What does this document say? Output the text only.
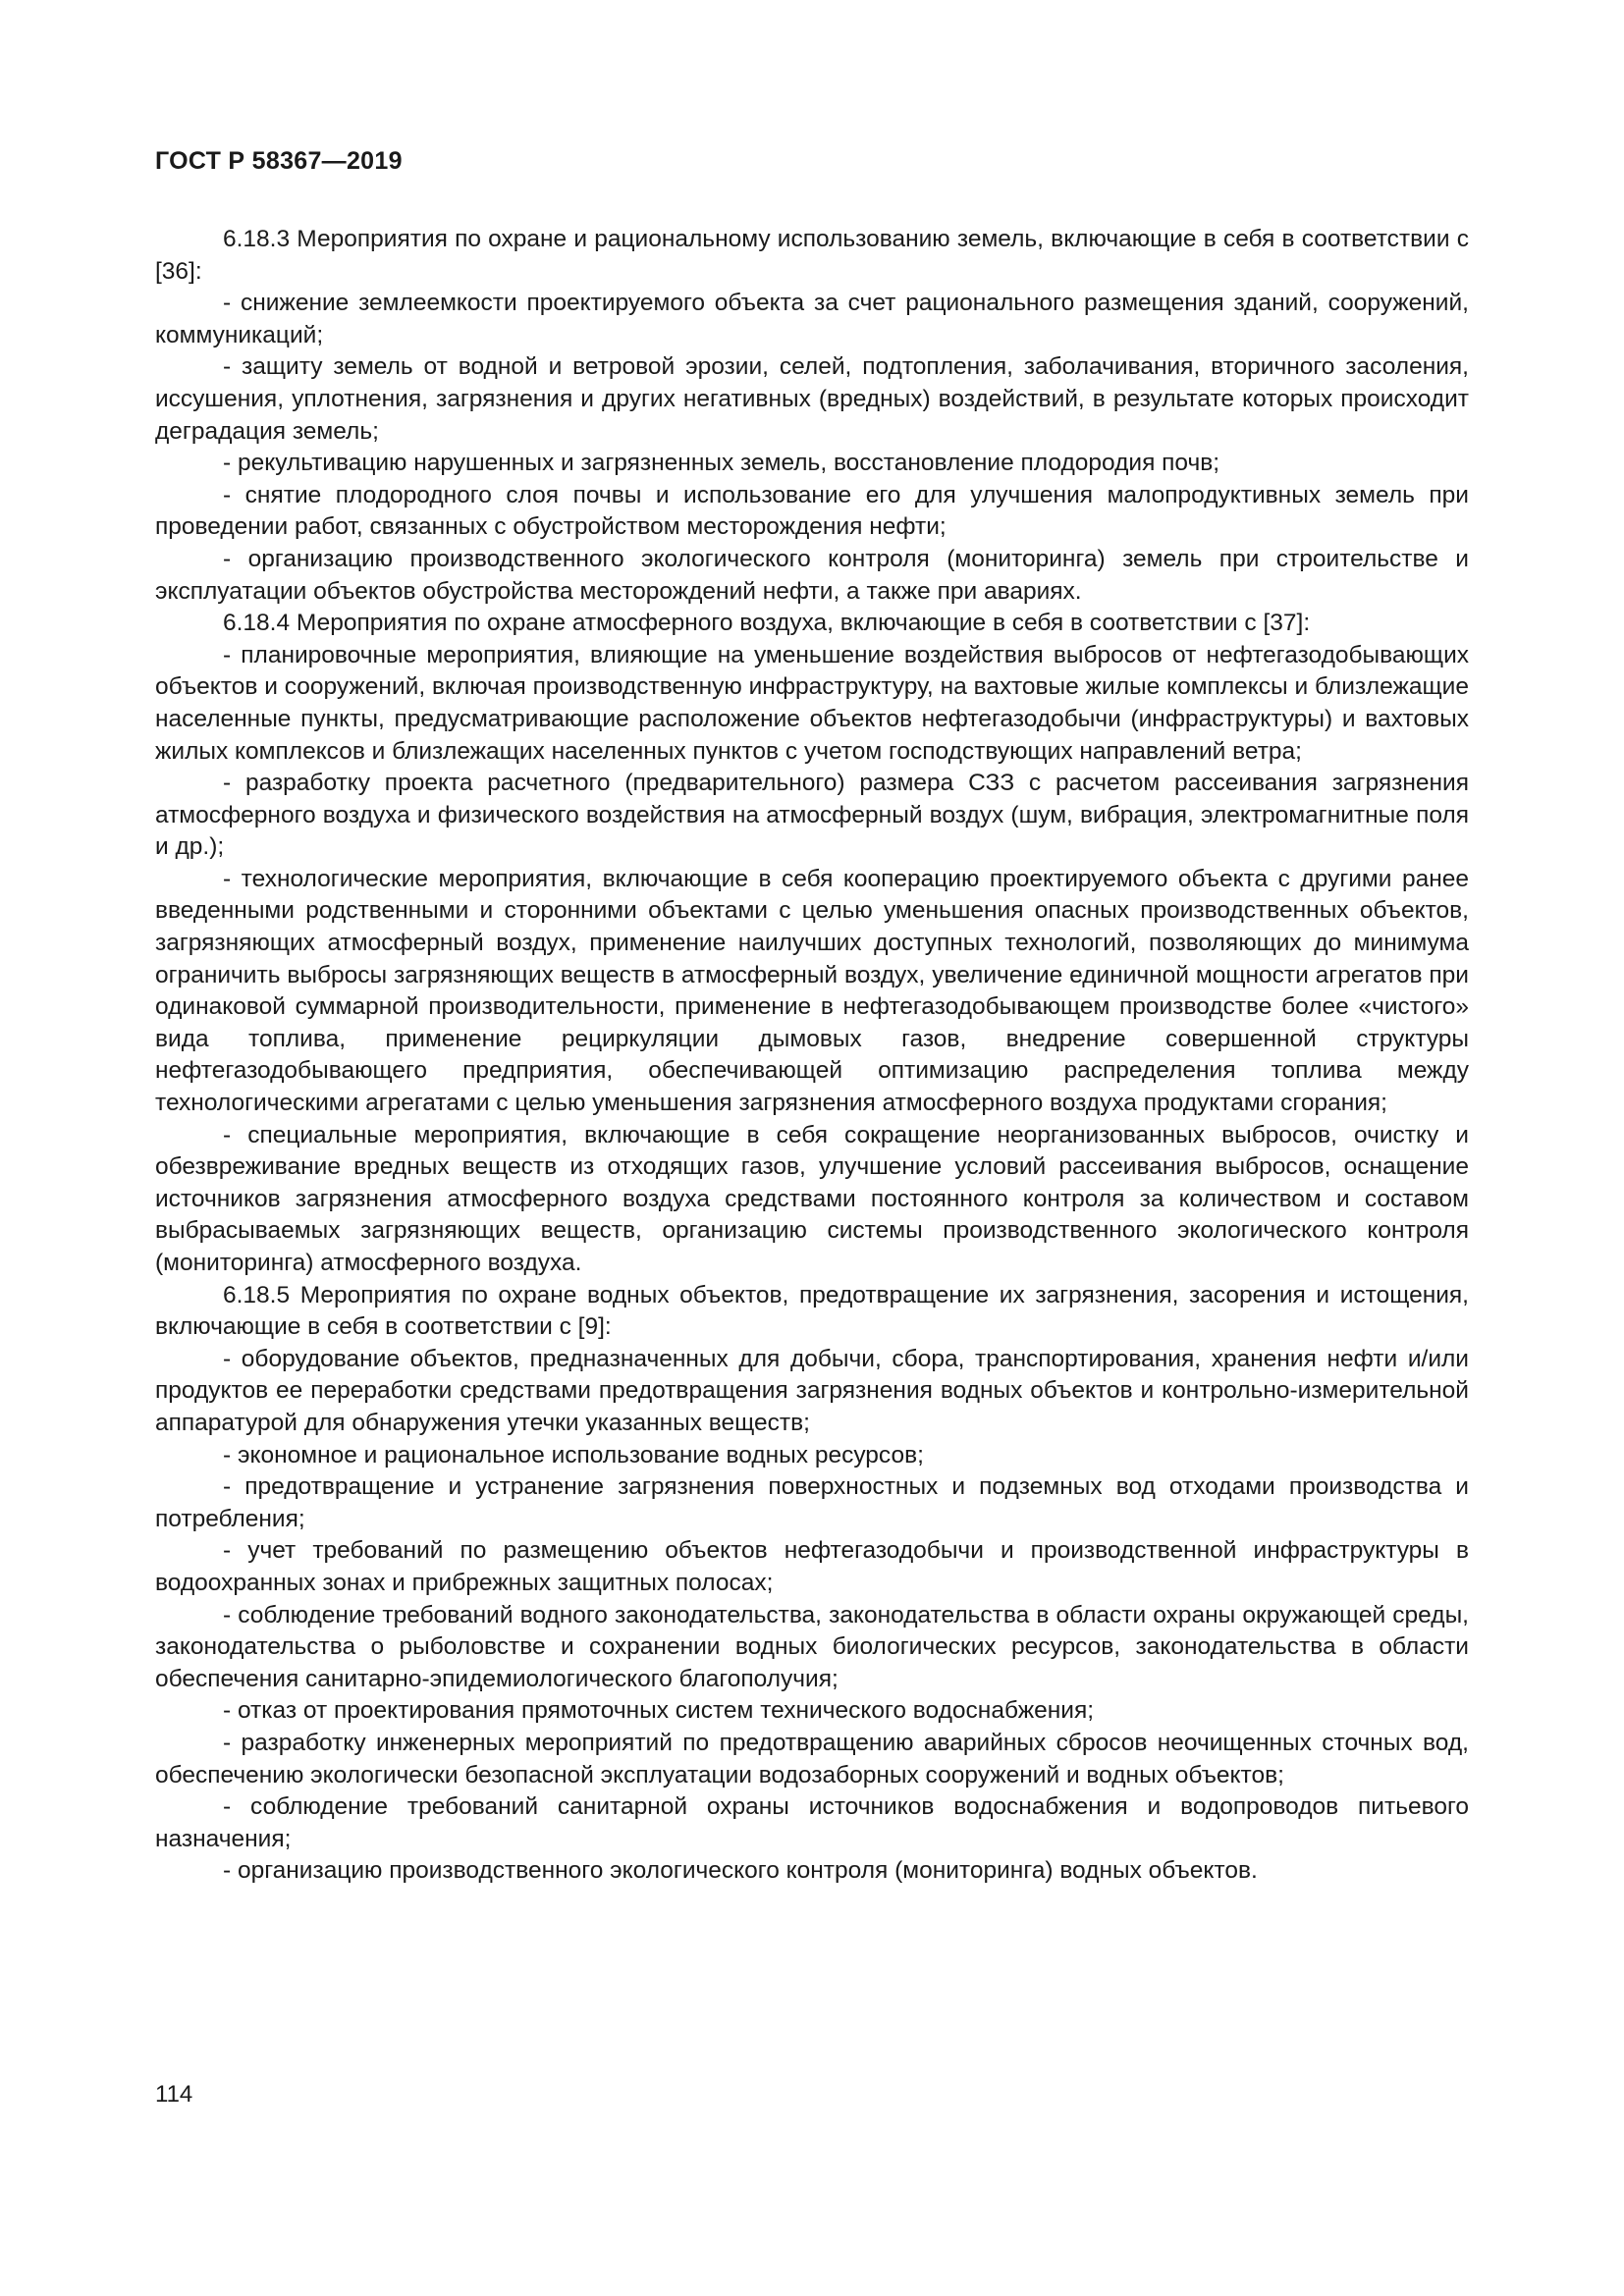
ГОСТ Р 58367—2019

6.18.3 Мероприятия по охране и рациональному использованию земель, включающие в себя в соответствии с [36]:

- снижение землеемкости проектируемого объекта за счет рационального размещения зданий, сооружений, коммуникаций;

- защиту земель от водной и ветровой эрозии, селей, подтопления, заболачивания, вторичного засоления, иссушения, уплотнения, загрязнения и других негативных (вредных) воздействий, в результате которых происходит деградация земель;

- рекультивацию нарушенных и загрязненных земель, восстановление плодородия почв;

- снятие плодородного слоя почвы и использование его для улучшения малопродуктивных земель при проведении работ, связанных с обустройством месторождения нефти;

- организацию производственного экологического контроля (мониторинга) земель при строительстве и эксплуатации объектов обустройства месторождений нефти, а также при авариях.

6.18.4 Мероприятия по охране атмосферного воздуха, включающие в себя в соответствии с [37]:

- планировочные мероприятия, влияющие на уменьшение воздействия выбросов от нефтегазодобывающих объектов и сооружений, включая производственную инфраструктуру, на вахтовые жилые комплексы и близлежащие населенные пункты, предусматривающие расположение объектов нефтегазодобычи (инфраструктуры) и вахтовых жилых комплексов и близлежащих населенных пунктов с учетом господствующих направлений ветра;

- разработку проекта расчетного (предварительного) размера СЗЗ с расчетом рассеивания загрязнения атмосферного воздуха и физического воздействия на атмосферный воздух (шум, вибрация, электромагнитные поля и др.);

- технологические мероприятия, включающие в себя кооперацию проектируемого объекта с другими ранее введенными родственными и сторонними объектами с целью уменьшения опасных производственных объектов, загрязняющих атмосферный воздух, применение наилучших доступных технологий, позволяющих до минимума ограничить выбросы загрязняющих веществ в атмосферный воздух, увеличение единичной мощности агрегатов при одинаковой суммарной производительности, применение в нефтегазодобывающем производстве более «чистого» вида топлива, применение рециркуляции дымовых газов, внедрение совершенной структуры нефтегазодобывающего предприятия, обеспечивающей оптимизацию распределения топлива между технологическими агрегатами с целью уменьшения загрязнения атмосферного воздуха продуктами сгорания;

- специальные мероприятия, включающие в себя сокращение неорганизованных выбросов, очистку и обезвреживание вредных веществ из отходящих газов, улучшение условий рассеивания выбросов, оснащение источников загрязнения атмосферного воздуха средствами постоянного контроля за количеством и составом выбрасываемых загрязняющих веществ, организацию системы производственного экологического контроля (мониторинга) атмосферного воздуха.

6.18.5 Мероприятия по охране водных объектов, предотвращение их загрязнения, засорения и истощения, включающие в себя в соответствии с [9]:

- оборудование объектов, предназначенных для добычи, сбора, транспортирования, хранения нефти и/или продуктов ее переработки средствами предотвращения загрязнения водных объектов и контрольно-измерительной аппаратурой для обнаружения утечки указанных веществ;

- экономное и рациональное использование водных ресурсов;

- предотвращение и устранение загрязнения поверхностных и подземных вод отходами производства и потребления;

- учет требований по размещению объектов нефтегазодобычи и производственной инфраструктуры в водоохранных зонах и прибрежных защитных полосах;

- соблюдение требований водного законодательства, законодательства в области охраны окружающей среды, законодательства о рыболовстве и сохранении водных биологических ресурсов, законодательства в области обеспечения санитарно-эпидемиологического благополучия;

- отказ от проектирования прямоточных систем технического водоснабжения;

- разработку инженерных мероприятий по предотвращению аварийных сбросов неочищенных сточных вод, обеспечению экологически безопасной эксплуатации водозаборных сооружений и водных объектов;

- соблюдение требований санитарной охраны источников водоснабжения и водопроводов питьевого назначения;

- организацию производственного экологического контроля (мониторинга) водных объектов.

114
